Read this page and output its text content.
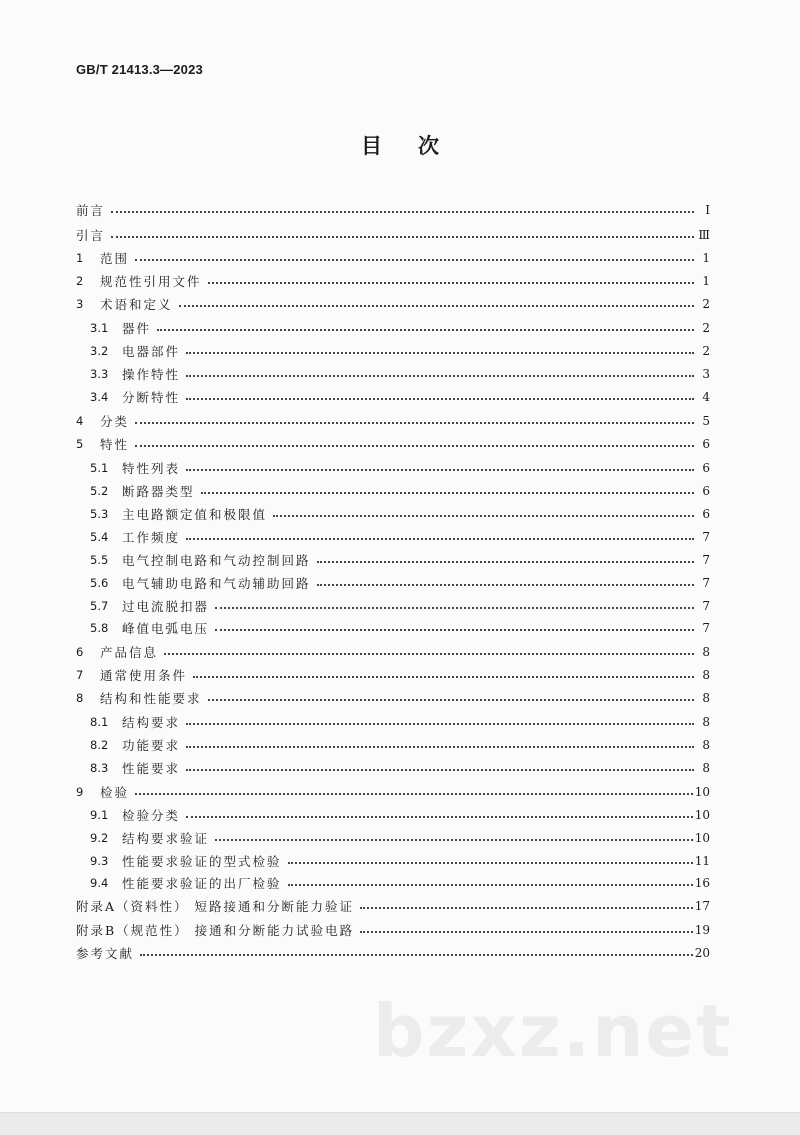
GB/T 21413.3—2023
目次
前言	Ⅰ
引言	Ⅲ
1	范围	1
2	规范性引用文件	1
3	术语和定义	2
3.1	器件	2
3.2	电器部件	2
3.3	操作特性	3
3.4	分断特性	4
4	分类	5
5	特性	6
5.1	特性列表	6
5.2	断路器类型	6
5.3	主电路额定值和极限值	6
5.4	工作频度	7
5.5	电气控制电路和气动控制回路	7
5.6	电气辅助电路和气动辅助回路	7
5.7	过电流脱扣器	7
5.8	峰值电弧电压	7
6	产品信息	8
7	通常使用条件	8
8	结构和性能要求	8
8.1	结构要求	8
8.2	功能要求	8
8.3	性能要求	8
9	检验	10
9.1	检验分类	10
9.2	结构要求验证	10
9.3	性能要求验证的型式检验	11
9.4	性能要求验证的出厂检验	16
附录A（资料性） 短路接通和分断能力验证	17
附录B（规范性） 接通和分断能力试验电路	19
参考文献	20
bzxz.net
